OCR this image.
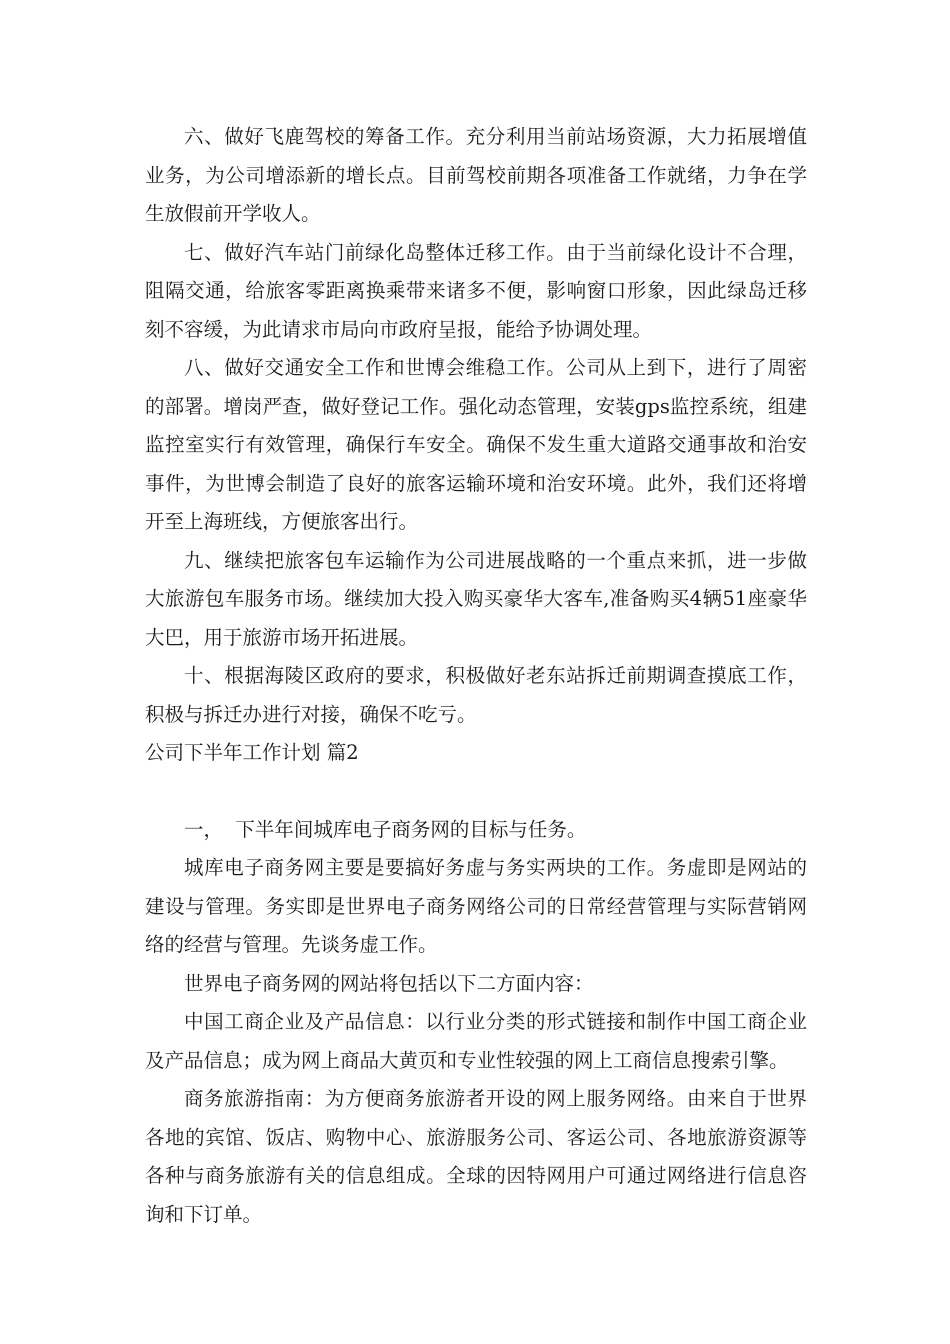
六、做好飞鹿驾校的筹备工作。充分利用当前站场资源，大力拓展增值业务，为公司增添新的增长点。目前驾校前期各项准备工作就绪，力争在学生放假前开学收人。

七、做好汽车站门前绿化岛整体迁移工作。由于当前绿化设计不合理，阻隔交通，给旅客零距离换乘带来诸多不便，影响窗口形象，因此绿岛迁移刻不容缓，为此请求市局向市政府呈报，能给予协调处理。

八、做好交通安全工作和世博会维稳工作。公司从上到下，进行了周密的部署。增岗严查，做好登记工作。强化动态管理，安装gps监控系统，组建监控室实行有效管理，确保行车安全。确保不发生重大道路交通事故和治安事件，为世博会制造了良好的旅客运输环境和治安环境。此外，我们还将增开至上海班线，方便旅客出行。

九、继续把旅客包车运输作为公司进展战略的一个重点来抓，进一步做大旅游包车服务市场。继续加大投入购买豪华大客车,准备购买4辆51座豪华大巴，用于旅游市场开拓进展。

十、根据海陵区政府的要求，积极做好老东站拆迁前期调查摸底工作，积极与拆迁办进行对接，确保不吃亏。

公司下半年工作计划 篇2

一，  下半年间城库电子商务网的目标与任务。

城库电子商务网主要是要搞好务虚与务实两块的工作。务虚即是网站的建设与管理。务实即是世界电子商务网络公司的日常经营管理与实际营销网络的经营与管理。先谈务虚工作。

世界电子商务网的网站将包括以下二方面内容：

中国工商企业及产品信息：以行业分类的形式链接和制作中国工商企业及产品信息；成为网上商品大黄页和专业性较强的网上工商信息搜索引擎。

商务旅游指南：为方便商务旅游者开设的网上服务网络。由来自于世界各地的宾馆、饭店、购物中心、旅游服务公司、客运公司、各地旅游资源等各种与商务旅游有关的信息组成。全球的因特网用户可通过网络进行信息咨询和下订单。
